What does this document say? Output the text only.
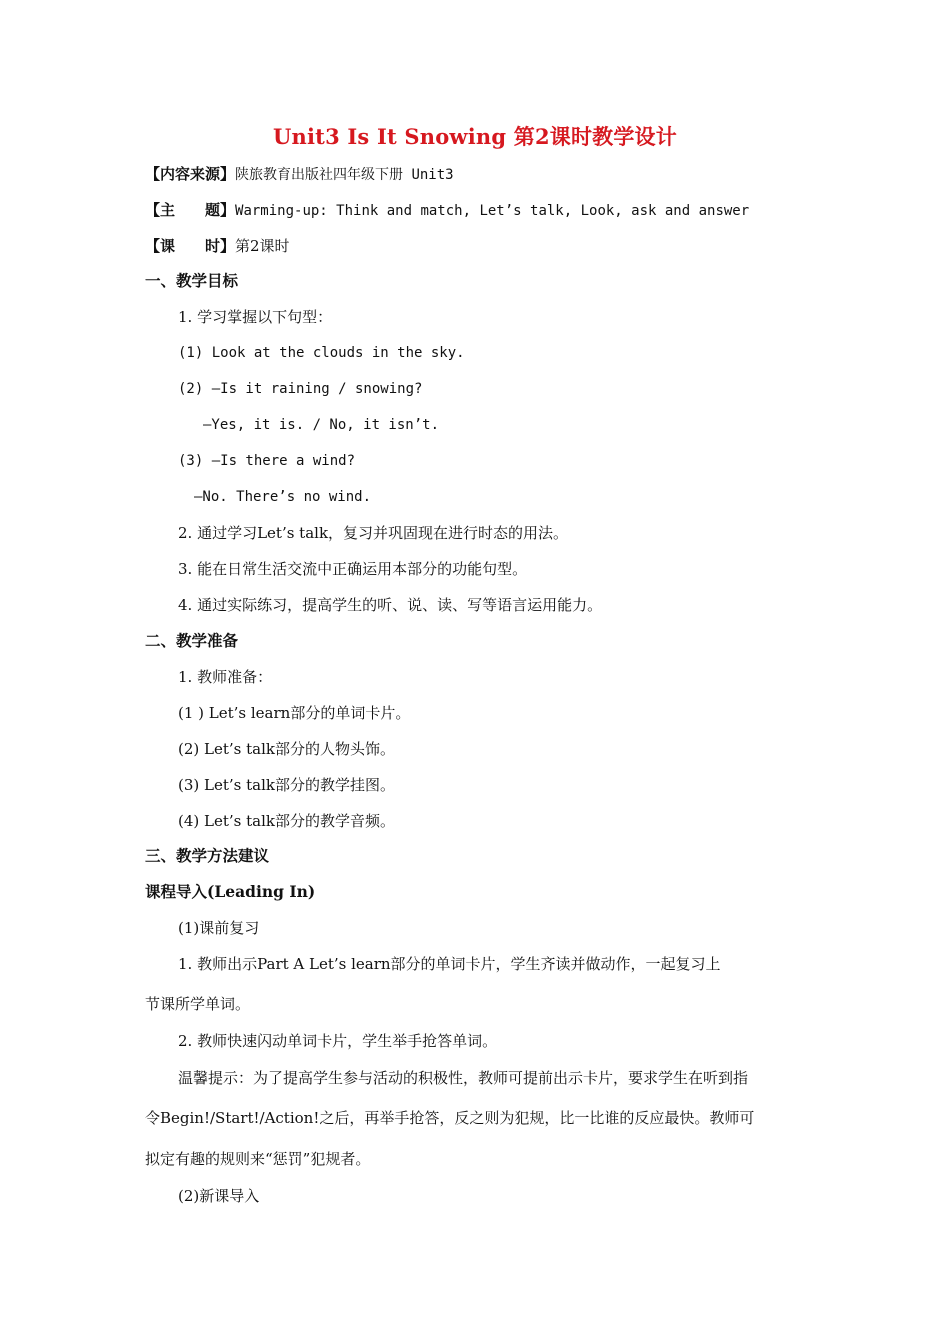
Unit3 Is It Snowing 第2课时教学设计
【内容来源】陕旅教育出版社四年级下册 Unit3
【主　　题】Warming-up: Think and match, Let’s talk, Look, ask and answer
【课　　时】第2课时
一、教学目标
1. 学习掌握以下句型：
(1) Look at the clouds in the sky.
(2) —Is it raining / snowing?
—Yes, it is. / No, it isn’t.
(3) —Is there a wind?
—No. There’s no wind.
2. 通过学习Let’s talk，复习并巩固现在进行时态的用法。
3. 能在日常生活交流中正确运用本部分的功能句型。
4. 通过实际练习，提高学生的听、说、读、写等语言运用能力。
二、教学准备
1. 教师准备：
(1 ) Let’s learn部分的单词卡片。
(2) Let’s talk部分的人物头饰。
(3) Let’s talk部分的教学挂图。
(4) Let’s talk部分的教学音频。
三、教学方法建议
课程导入(Leading In)
(1)课前复习
1. 教师出示Part A Let’s learn部分的单词卡片，学生齐读并做动作，一起复习上
节课所学单词。
2. 教师快速闪动单词卡片，学生举手抢答单词。
温馨提示：为了提高学生参与活动的积极性，教师可提前出示卡片，要求学生在听到指
令Begin!/Start!/Action!之后，再举手抢答，反之则为犯规，比一比谁的反应最快。教师可
拟定有趣的规则来“惩罚”犯规者。
(2)新课导入
